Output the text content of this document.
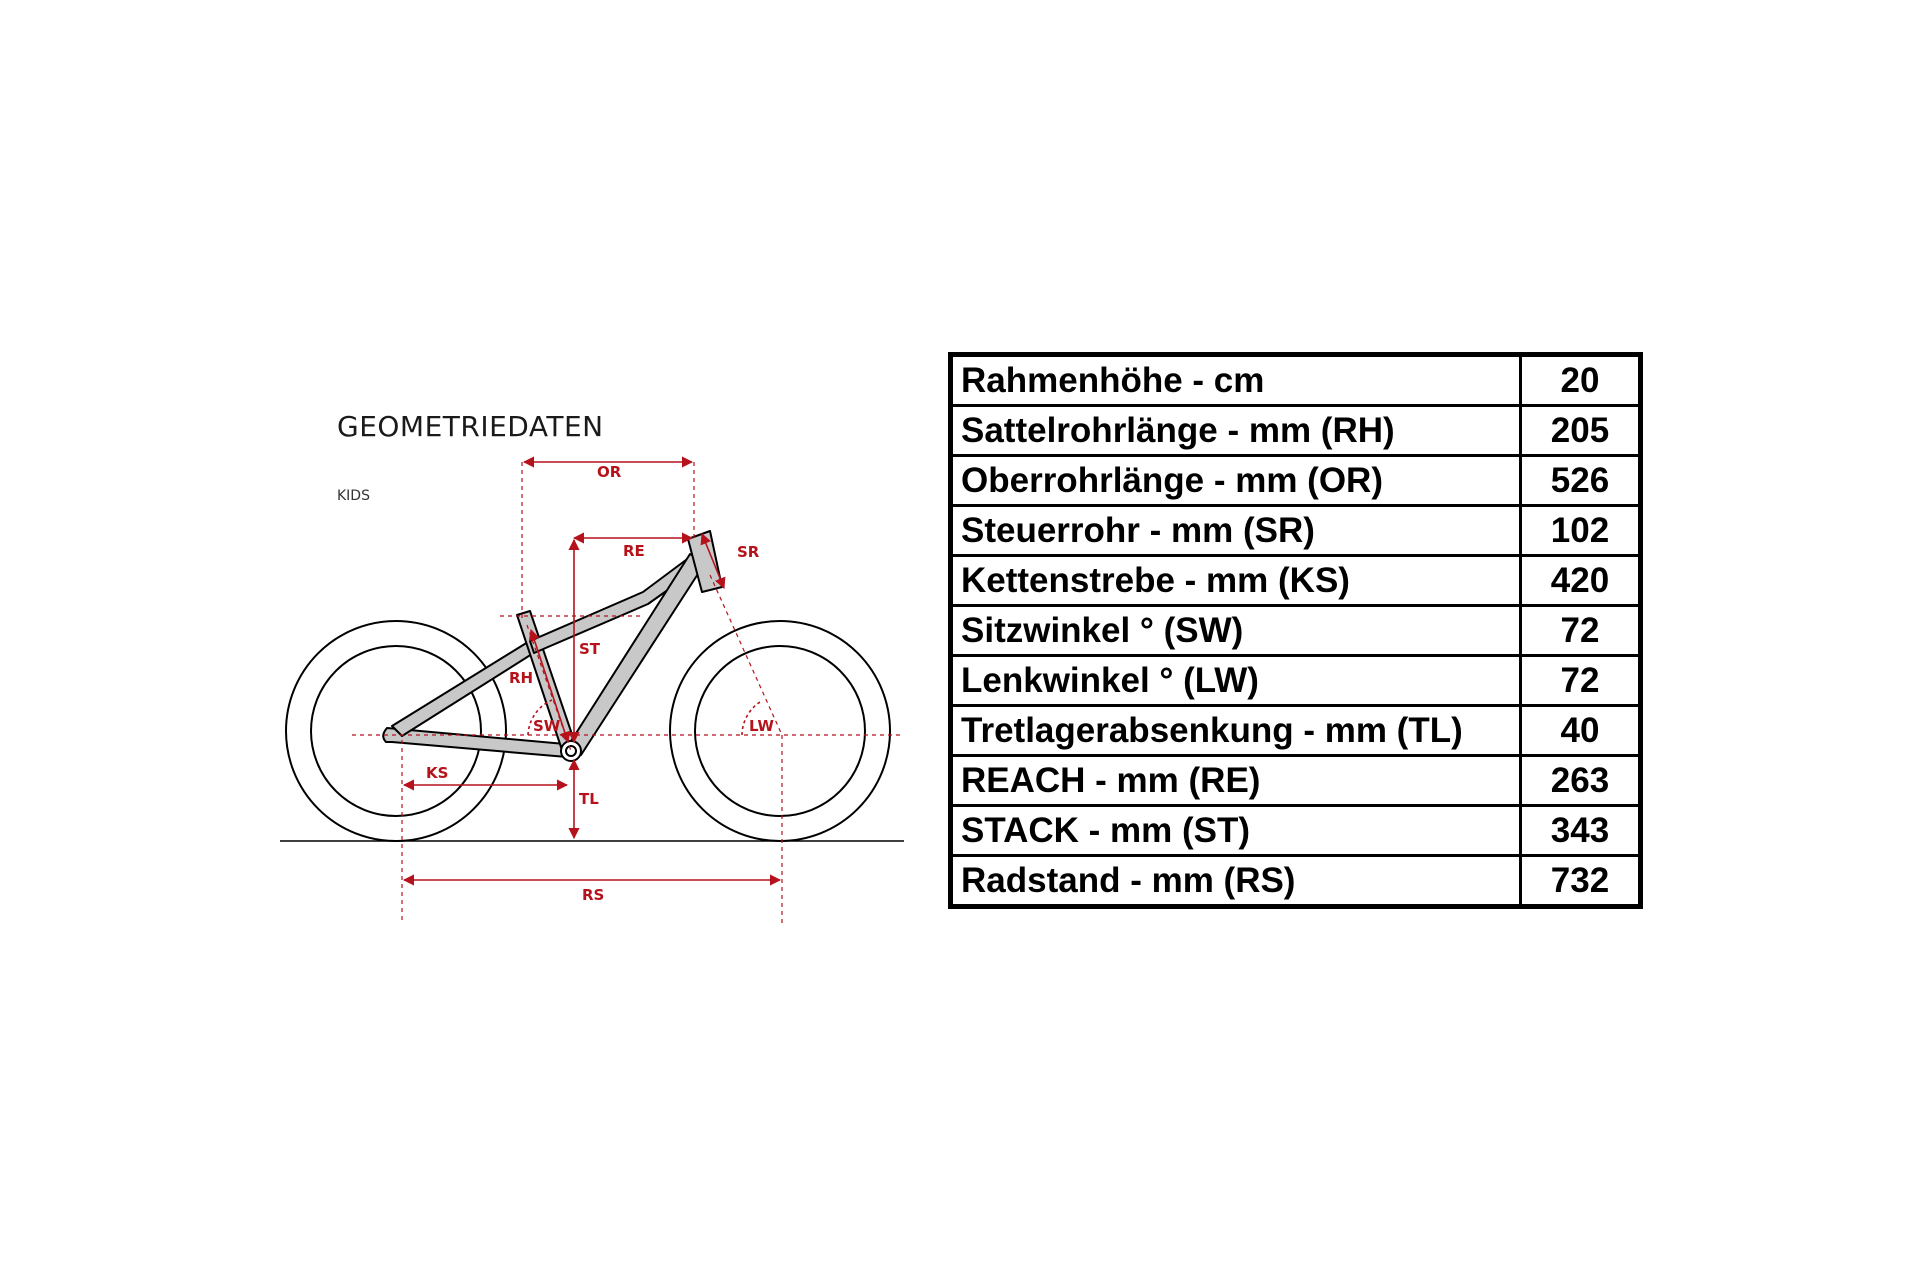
GEOMETRIEDATEN
KIDS
OR
RE	SR
ST
RH
SW	LW
KS
TL
RS
Rahmenhöhe - cm	20
Sattelrohrlänge - mm (RH)	205
Oberrohrlänge - mm (OR)	526
Steuerrohr - mm (SR)	102
Kettenstrebe - mm (KS)	420
Sitzwinkel ° (SW)	72
Lenkwinkel ° (LW)	72
Tretlagerabsenkung - mm (TL)	40
REACH - mm (RE)	263
STACK - mm (ST)	343
Radstand - mm (RS)	732
